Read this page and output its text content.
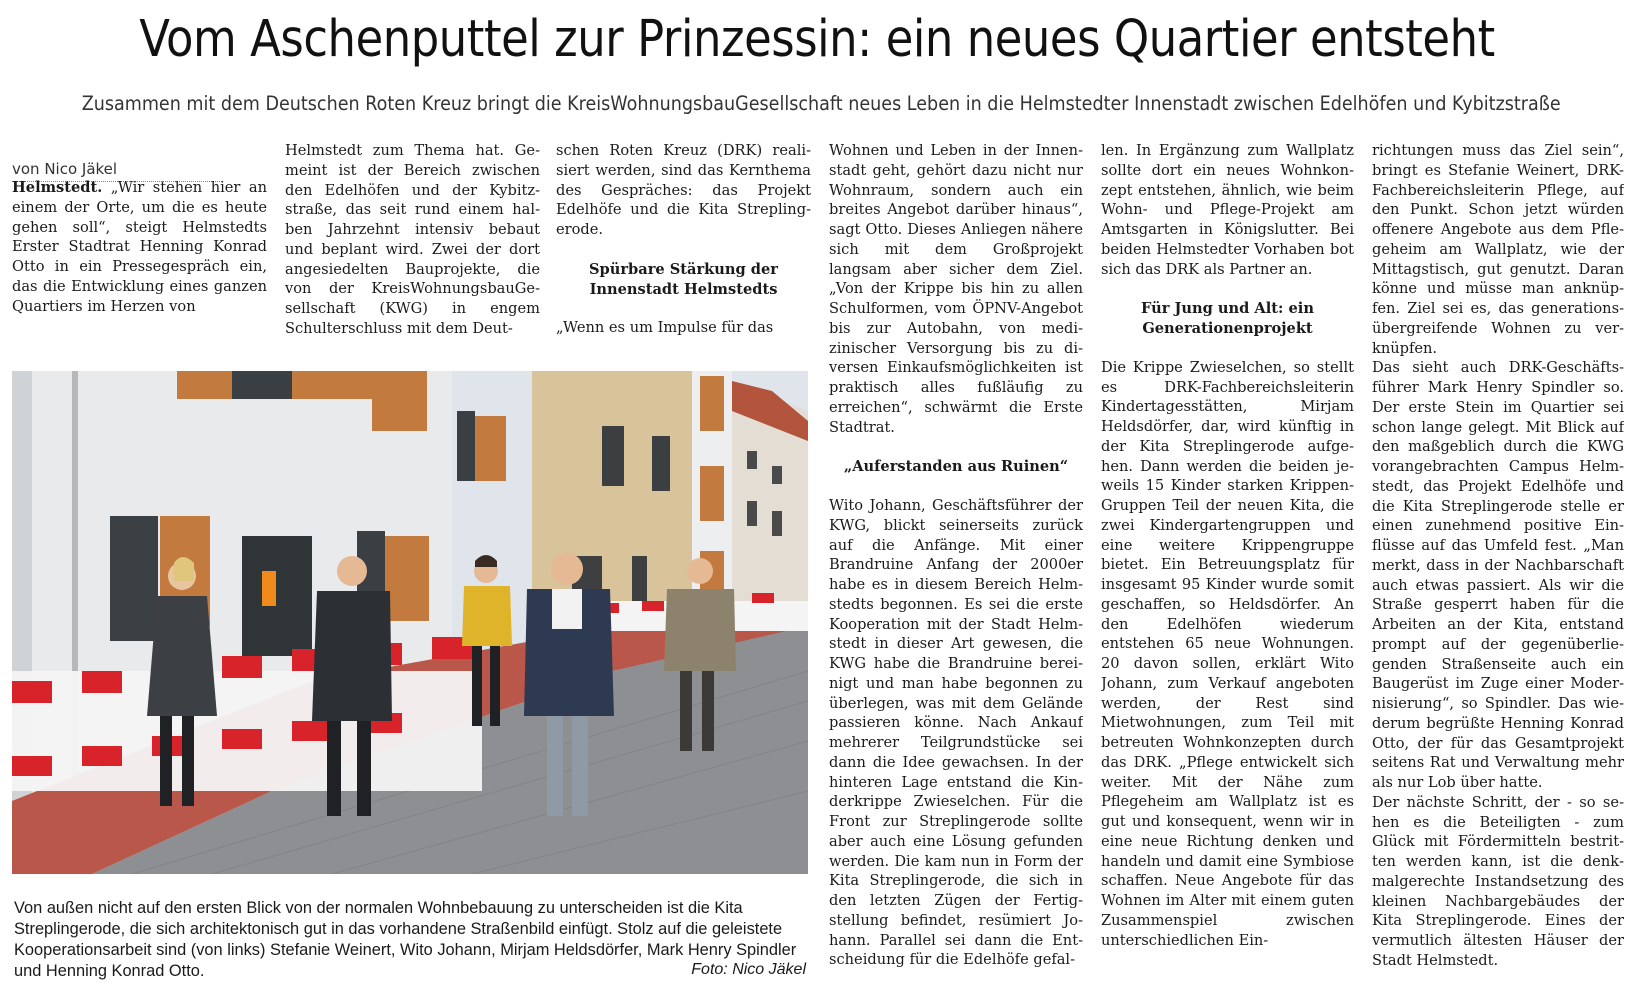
Vom Aschenputtel zur Prinzessin: ein neues Quartier entsteht

Zusammen mit dem Deutschen Roten Kreuz bringt die KreisWohnungsbauGesellschaft neues Leben in die Helmstedter Innenstadt zwischen Edelhöfen und Kybitzstraße

von Nico Jäkel

Helmstedt. „Wir stehen hier an einem der Orte, um die es heute gehen soll“, steigt Helmstedts Erster Stadtrat Henning Konrad Otto in ein Pressegespräch ein, das die Entwicklung eines ganzen Quartiers im Herzen von

Helmstedt zum Thema hat. Gemeint ist der Bereich zwischen den Edelhöfen und der Kybitzstraße, das seit rund einem halben Jahrzehnt intensiv bebaut und beplant wird. Zwei der dort angesiedelten Bauprojekte, die von der KreisWohnungsbauGesellschaft (KWG) in engem Schulterschluss mit dem Deut-

schen Roten Kreuz (DRK) realisiert werden, sind das Kernthema des Gespräches: das Projekt Edelhöfe und die Kita Streplingerode.

Spürbare Stärkung der Innenstadt Helmstedts

„Wenn es um Impulse für das

Von außen nicht auf den ersten Blick von der normalen Wohnbebauung zu unterscheiden ist die Kita Streplingerode, die sich architektonisch gut in das vorhandene Straßenbild einfügt. Stolz auf die geleistete Kooperationsarbeit sind (von links) Stefanie Weinert, Wito Johann, Mirjam Heldsdörfer, Mark Henry Spindler und Henning Konrad Otto.	Foto: Nico Jäkel

Wohnen und Leben in der Innenstadt geht, gehört dazu nicht nur Wohnraum, sondern auch ein breites Angebot darüber hinaus“, sagt Otto. Dieses Anliegen nähere sich mit dem Großprojekt langsam aber sicher dem Ziel. „Von der Krippe bis hin zu allen Schulformen, vom ÖPNV-Angebot bis zur Autobahn, von medizinischer Versorgung bis zu diversen Einkaufsmöglichkeiten ist praktisch alles fußläufig zu erreichen“, schwärmt die Erste Stadtrat.

„Auferstanden aus Ruinen“

Wito Johann, Geschäftsführer der KWG, blickt seinerseits zurück auf die Anfänge. Mit einer Brandruine Anfang der 2000er habe es in diesem Bereich Helmstedts begonnen. Es sei die erste Kooperation mit der Stadt Helmstedt in dieser Art gewesen, die KWG habe die Brandruine bereinigt und man habe begonnen zu überlegen, was mit dem Gelände passieren könne. Nach Ankauf mehrerer Teilgrundstücke sei dann die Idee gewachsen. In der hinteren Lage entstand die Kinderkrippe Zwieselchen. Für die Front zur Streplingerode sollte aber auch eine Lösung gefunden werden. Die kam nun in Form der Kita Streplingerode, die sich in den letzten Zügen der Fertigstellung befindet, resümiert Johann. Parallel sei dann die Entscheidung für die Edelhöfe gefal-

len. In Ergänzung zum Wallplatz sollte dort ein neues Wohnkonzept entstehen, ähnlich, wie beim Wohn- und Pflege-Projekt am Amtsgarten in Königslutter. Bei beiden Helmstedter Vorhaben bot sich das DRK als Partner an.

Für Jung und Alt: ein Generationenprojekt

Die Krippe Zwieselchen, so stellt es DRK-Fachbereichsleiterin Kindertagesstätten, Mirjam Heldsdörfer, dar, wird künftig in der Kita Streplingerode aufgehen. Dann werden die beiden jeweils 15 Kinder starken Krippen-Gruppen Teil der neuen Kita, die zwei Kindergartengruppen und eine weitere Krippengruppe bietet. Ein Betreuungsplatz für insgesamt 95 Kinder wurde somit geschaffen, so Heldsdörfer. An den Edelhöfen wiederum entstehen 65 neue Wohnungen. 20 davon sollen, erklärt Wito Johann, zum Verkauf angeboten werden, der Rest sind Mietwohnungen, zum Teil mit betreuten Wohnkonzepten durch das DRK. „Pflege entwickelt sich weiter. Mit der Nähe zum Pflegeheim am Wallplatz ist es gut und konsequent, wenn wir in eine neue Richtung denken und handeln und damit eine Symbiose schaffen. Neue Angebote für das Wohnen im Alter mit einem guten Zusammenspiel zwischen unterschiedlichen Ein-

richtungen muss das Ziel sein“, bringt es Stefanie Weinert, DRK-Fachbereichsleiterin Pflege, auf den Punkt. Schon jetzt würden offenere Angebote aus dem Pflegeheim am Wallplatz, wie der Mittagstisch, gut genutzt. Daran könne und müsse man anknüpfen. Ziel sei es, das generationsübergreifende Wohnen zu verknüpfen.

Das sieht auch DRK-Geschäftsführer Mark Henry Spindler so. Der erste Stein im Quartier sei schon lange gelegt. Mit Blick auf den maßgeblich durch die KWG vorangebrachten Campus Helmstedt, das Projekt Edelhöfe und die Kita Streplingerode stelle er einen zunehmend positive Einflüsse auf das Umfeld fest. „Man merkt, dass in der Nachbarschaft auch etwas passiert. Als wir die Straße gesperrt haben für die Arbeiten an der Kita, entstand prompt auf der gegenüberliegenden Straßenseite auch ein Baugerüst im Zuge einer Modernisierung“, so Spindler. Das wiederum begrüßte Henning Konrad Otto, der für das Gesamtprojekt seitens Rat und Verwaltung mehr als nur Lob über hatte.

Der nächste Schritt, der - so sehen es die Beteiligten - zum Glück mit Fördermitteln bestritten werden kann, ist die denkmalgerechte Instandsetzung des kleinen Nachbargebäudes der Kita Streplingerode. Eines der vermutlich ältesten Häuser der Stadt Helmstedt.
